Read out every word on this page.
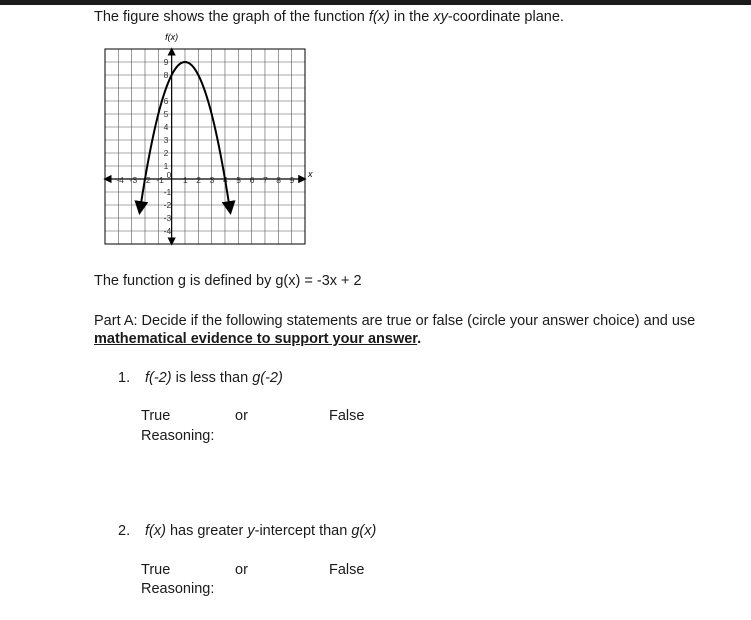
The figure shows the graph of the function f(x) in the xy-coordinate plane.
f(x)
x
-4 -3 -2 -1 0 1 2 3 4 5 6 7 8 9
9
8
6
5
4
3
2
1
-1
-2
-3
-4
The function g is defined by g(x) = -3x + 2
Part A: Decide if the following statements are true or false (circle your answer choice) and use
mathematical evidence to support your answer.
1. f(-2) is less than g(-2)
True	or	False
Reasoning:
2. f(x) has greater y-intercept than g(x)
True	or	False
Reasoning:
